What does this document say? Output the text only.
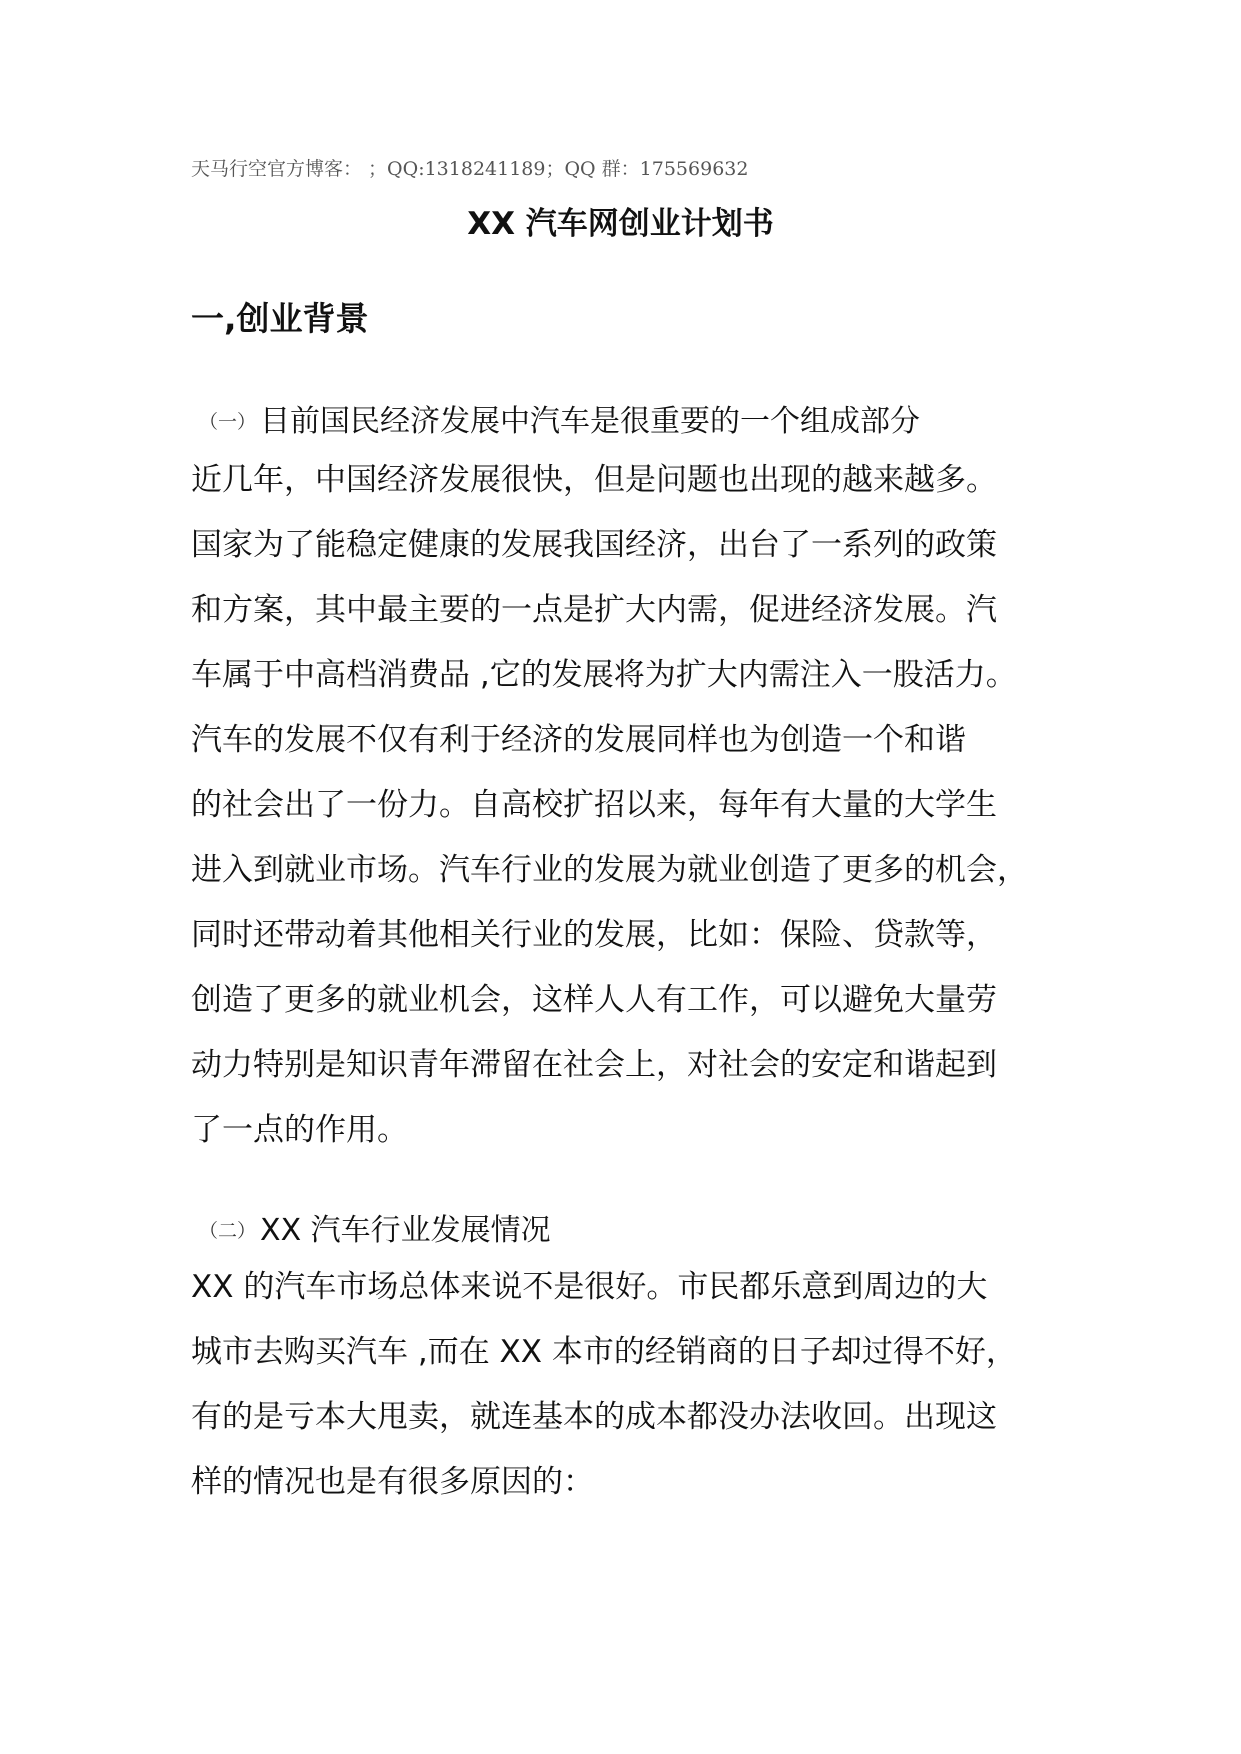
天马行空官方博客： ；QQ:1318241189；QQ 群：175569632
XX 汽车网创业计划书
一,创业背景
（一） 目前国民经济发展中汽车是很重要的一个组成部分
近几年，中国经济发展很快，但是问题也出现的越来越多。
国家为了能稳定健康的发展我国经济，出台了一系列的政策
和方案，其中最主要的一点是扩大内需，促进经济发展。汽
车属于中高档消费品 ,它的发展将为扩大内需注入一股活力。
汽车的发展不仅有利于经济的发展同样也为创造一个和谐
的社会出了一份力。自高校扩招以来，每年有大量的大学生
进入到就业市场。汽车行业的发展为就业创造了更多的机会，
同时还带动着其他相关行业的发展，比如：保险、贷款等，
创造了更多的就业机会，这样人人有工作，可以避免大量劳
动力特别是知识青年滞留在社会上，对社会的安定和谐起到
了一点的作用。
（二） XX 汽车行业发展情况
XX 的汽车市场总体来说不是很好。市民都乐意到周边的大
城市去购买汽车 ,而在 XX 本市的经销商的日子却过得不好，
有的是亏本大甩卖，就连基本的成本都没办法收回。出现这
样的情况也是有很多原因的：
